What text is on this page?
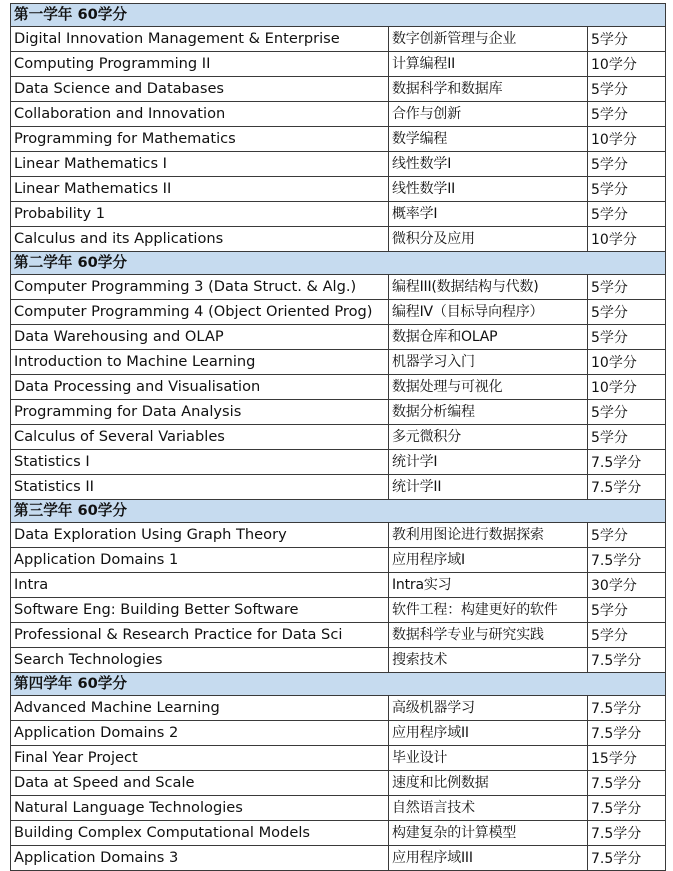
第一学年 60学分		
Digital Innovation Management & Enterprise	数字创新管理与企业	5学分
Computing Programming II	计算编程II	10学分
Data Science and Databases	数据科学和数据库	5学分
Collaboration and Innovation	合作与创新	5学分
Programming for Mathematics	数学编程	10学分
Linear Mathematics I	线性数学I	5学分
Linear Mathematics II	线性数学II	5学分
Probability 1	概率学I	5学分
Calculus and its Applications	微积分及应用	10学分
第二学年 60学分		
Computer Programming 3 (Data Struct. & Alg.)	编程III(数据结构与代数)	5学分
Computer Programming 4 (Object Oriented Prog)	编程IV（目标导向程序）	5学分
Data Warehousing and OLAP	数据仓库和OLAP	5学分
Introduction to Machine Learning	机器学习入门	10学分
Data Processing and Visualisation	数据处理与可视化	10学分
Programming for Data Analysis	数据分析编程	5学分
Calculus of Several Variables	多元微积分	5学分
Statistics I	统计学I	7.5学分
Statistics II	统计学II	7.5学分
第三学年 60学分		
Data Exploration Using Graph Theory	教利用图论进行数据探索	5学分
Application Domains 1	应用程序域I	7.5学分
Intra	Intra实习	30学分
Software Eng: Building Better Software	软件工程：构建更好的软件	5学分
Professional & Research Practice for Data Sci	数据科学专业与研究实践	5学分
Search Technologies	搜索技术	7.5学分
第四学年 60学分		
Advanced Machine Learning	高级机器学习	7.5学分
Application Domains 2	应用程序域II	7.5学分
Final Year Project	毕业设计	15学分
Data at Speed and Scale	速度和比例数据	7.5学分
Natural Language Technologies	自然语言技术	7.5学分
Building Complex Computational Models	构建复杂的计算模型	7.5学分
Application Domains 3	应用程序域III	7.5学分
